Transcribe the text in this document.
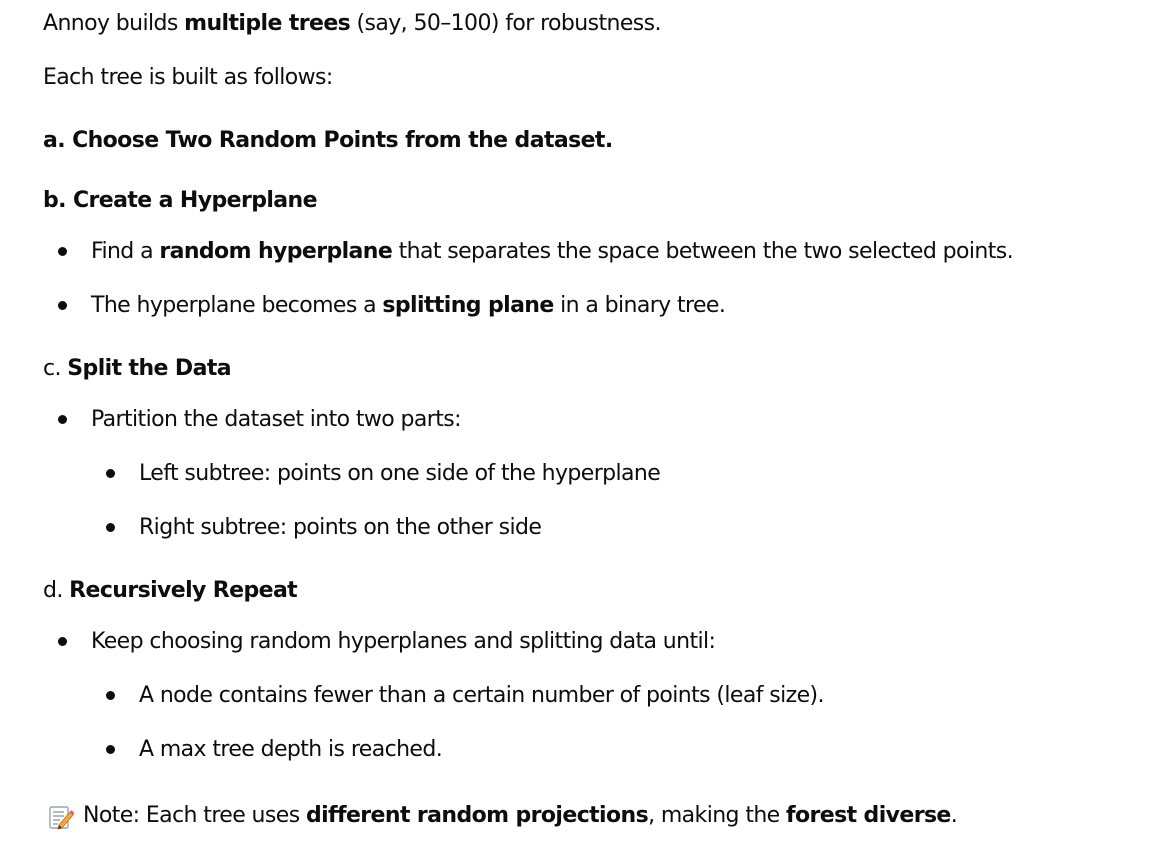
Annoy builds multiple trees (say, 50–100) for robustness.
Each tree is built as follows:
a. Choose Two Random Points from the dataset.
b. Create a Hyperplane
Find a random hyperplane that separates the space between the two selected points.
The hyperplane becomes a splitting plane in a binary tree.
c. Split the Data
Partition the dataset into two parts:
Left subtree: points on one side of the hyperplane
Right subtree: points on the other side
d. Recursively Repeat
Keep choosing random hyperplanes and splitting data until:
A node contains fewer than a certain number of points (leaf size).
A max tree depth is reached.
Note: Each tree uses different random projections, making the forest diverse.
